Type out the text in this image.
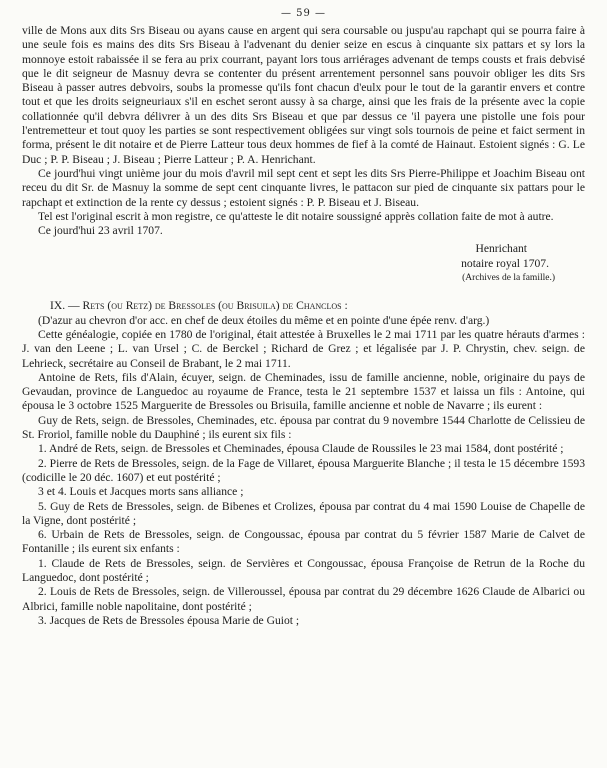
— 59 —

ville de Mons aux dits Srs Biseau ou ayans cause en argent qui sera coursable ou juspu'au rapchapt qui se pourra faire à une seule fois es mains des dits Srs Biseau à l'advenant du denier seize en escus à cinquante six pattars et sy lors la monnoye estoit rabaissée il se fera au prix courrant, payant lors tous arriérages advenant de temps cousts et frais debvisé que le dit seigneur de Masnuy devra se contenter du présent arrentement personnel sans pouvoir obliger les dits Srs Biseau à passer autres debvoirs, soubs la promesse qu'ils font chacun d'eulx pour le tout de la garantir envers et contre tout et que les droits seigneuriaux s'il en eschet seront aussy à sa charge, ainsi que les frais de la présente avec la copie collationnée qu'il debvra délivrer à un des dits Srs Biseau et que par dessus ce 'il payera une pistolle une fois pour l'entremetteur et tout quoy les parties se sont respectivement obligées sur vingt sols tournois de peine et faict serment in forma, présent le dit notaire et de Pierre Latteur tous deux hommes de fief à la comté de Hainaut. Estoient signés : G. Le Duc ; P. P. Biseau ; J. Biseau ; Pierre Latteur ; P. A. Henrichant.

Ce jourd'hui vingt unième jour du mois d'avril mil sept cent et sept les dits Srs Pierre-Philippe et Joachim Biseau ont receu du dit Sr. de Masnuy la somme de sept cent cinquante livres, le pattacon sur pied de cinquante six pattars pour le rapchapt et extinction de la rente cy dessus ; estoient signés : P. P. Biseau et J. Biseau.

Tel est l'original escrit à mon registre, ce qu'atteste le dit notaire soussigné apprès collation faite de mot à autre.

Ce jourd'hui 23 avril 1707.

Henrichant
notaire royal 1707.
(Archives de la famille.)

IX. — Rets (ou Retz) de Bressoles (ou Brisuila) de Chanclos :

(D'azur au chevron d'or acc. en chef de deux étoiles du même et en pointe d'une épée renv. d'arg.)

Cette généalogie, copiée en 1780 de l'original, était attestée à Bruxelles le 2 mai 1711 par les quatre hérauts d'armes : J. van den Leene ; L. van Ursel ; C. de Berckel ; Richard de Grez ; et légalisée par J. P. Chrystin, chev. seign. de Lehrieck, secrétaire au Conseil de Brabant, le 2 mai 1711.

Antoine de Rets, fils d'Alain, écuyer, seign. de Cheminades, issu de famille ancienne, noble, originaire du pays de Gevaudan, province de Languedoc au royaume de France, testa le 21 septembre 1537 et laissa un fils : Antoine, qui épousa le 3 octobre 1525 Marguerite de Bressoles ou Brisuila, famille ancienne et noble de Navarre ; ils eurent :

Guy de Rets, seign. de Bressoles, Cheminades, etc. épousa par contrat du 9 novembre 1544 Charlotte de Celissieu de St. Froriol, famille noble du Dauphiné ; ils eurent six fils :

1. André de Rets, seign. de Bressoles et Cheminades, épousa Claude de Roussiles le 23 mai 1584, dont postérité ;

2. Pierre de Rets de Bressoles, seign. de la Fage de Villaret, épousa Marguerite Blanche ; il testa le 15 décembre 1593 (codicille le 20 déc. 1607) et eut postérité ;

3 et 4. Louis et Jacques morts sans alliance ;

5. Guy de Rets de Bressoles, seign. de Bibenes et Crolizes, épousa par contrat du 4 mai 1590 Louise de Chapelle de la Vigne, dont postérité ;

6. Urbain de Rets de Bressoles, seign. de Congoussac, épousa par contrat du 5 février 1587 Marie de Calvet de Fontanille ; ils eurent six enfants :

1. Claude de Rets de Bressoles, seign. de Servières et Congoussac, épousa Françoise de Retrun de la Roche du Languedoc, dont postérité ;

2. Louis de Rets de Bressoles, seign. de Villeroussel, épousa par contrat du 29 décembre 1626 Claude de Albarici ou Albrici, famille noble napolitaine, dont postérité ;

3. Jacques de Rets de Bressoles épousa Marie de Guiot ;
